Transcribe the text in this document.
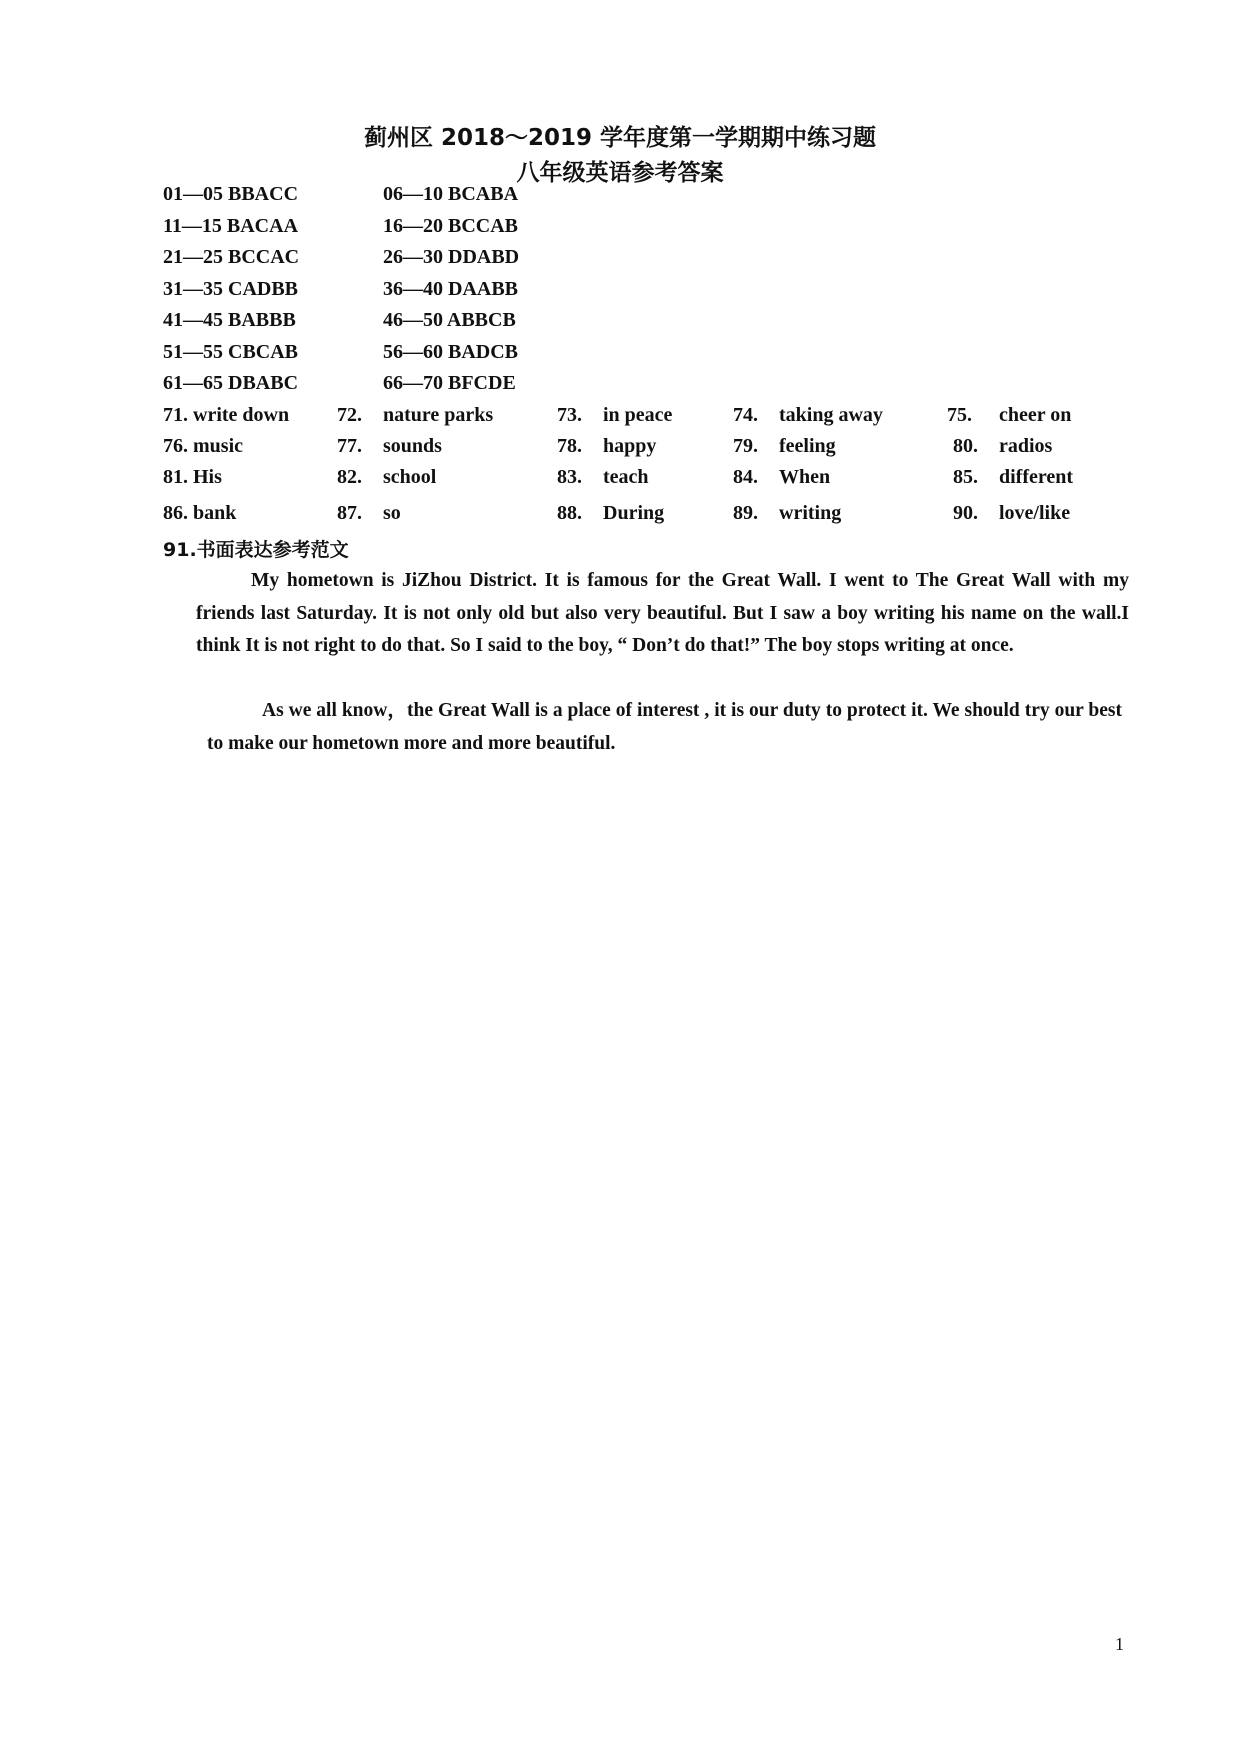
蓟州区 2018～2019 学年度第一学期期中练习题
八年级英语参考答案
01—05 BBACC	06—10 BCABA
11—15 BACAA	16—20 BCCAB
21—25 BCCAC	26—30 DDABD
31—35 CADBB	36—40 DAABB
41—45 BABBB	46—50 ABBCB
51—55 CBCAB	56—60 BADCB
61—65 DBABC	66—70 BFCDE
71. write down 72. nature parks	73. in peace	74. taking away	75. cheer on
76. music	77. sounds	78. happy	79. feeling	80. radios
81. His	82. school	83. teach	84. When	85. different
86. bank	87. so	88. During	89. writing	90. love/like
91.书面表达参考范文

My hometown is JiZhou District. It is famous for the Great Wall. I went to The Great Wall with my friends last Saturday. It is not only old but also very beautiful. But I saw a boy writing his name on the wall.I think It is not right to do that. So I said to the boy, “ Don’t do that!” The boy stops writing at once.

As we all know，the Great Wall is a place of interest , it is our duty to protect it. We should try our best to make our hometown more and more beautiful.

1
